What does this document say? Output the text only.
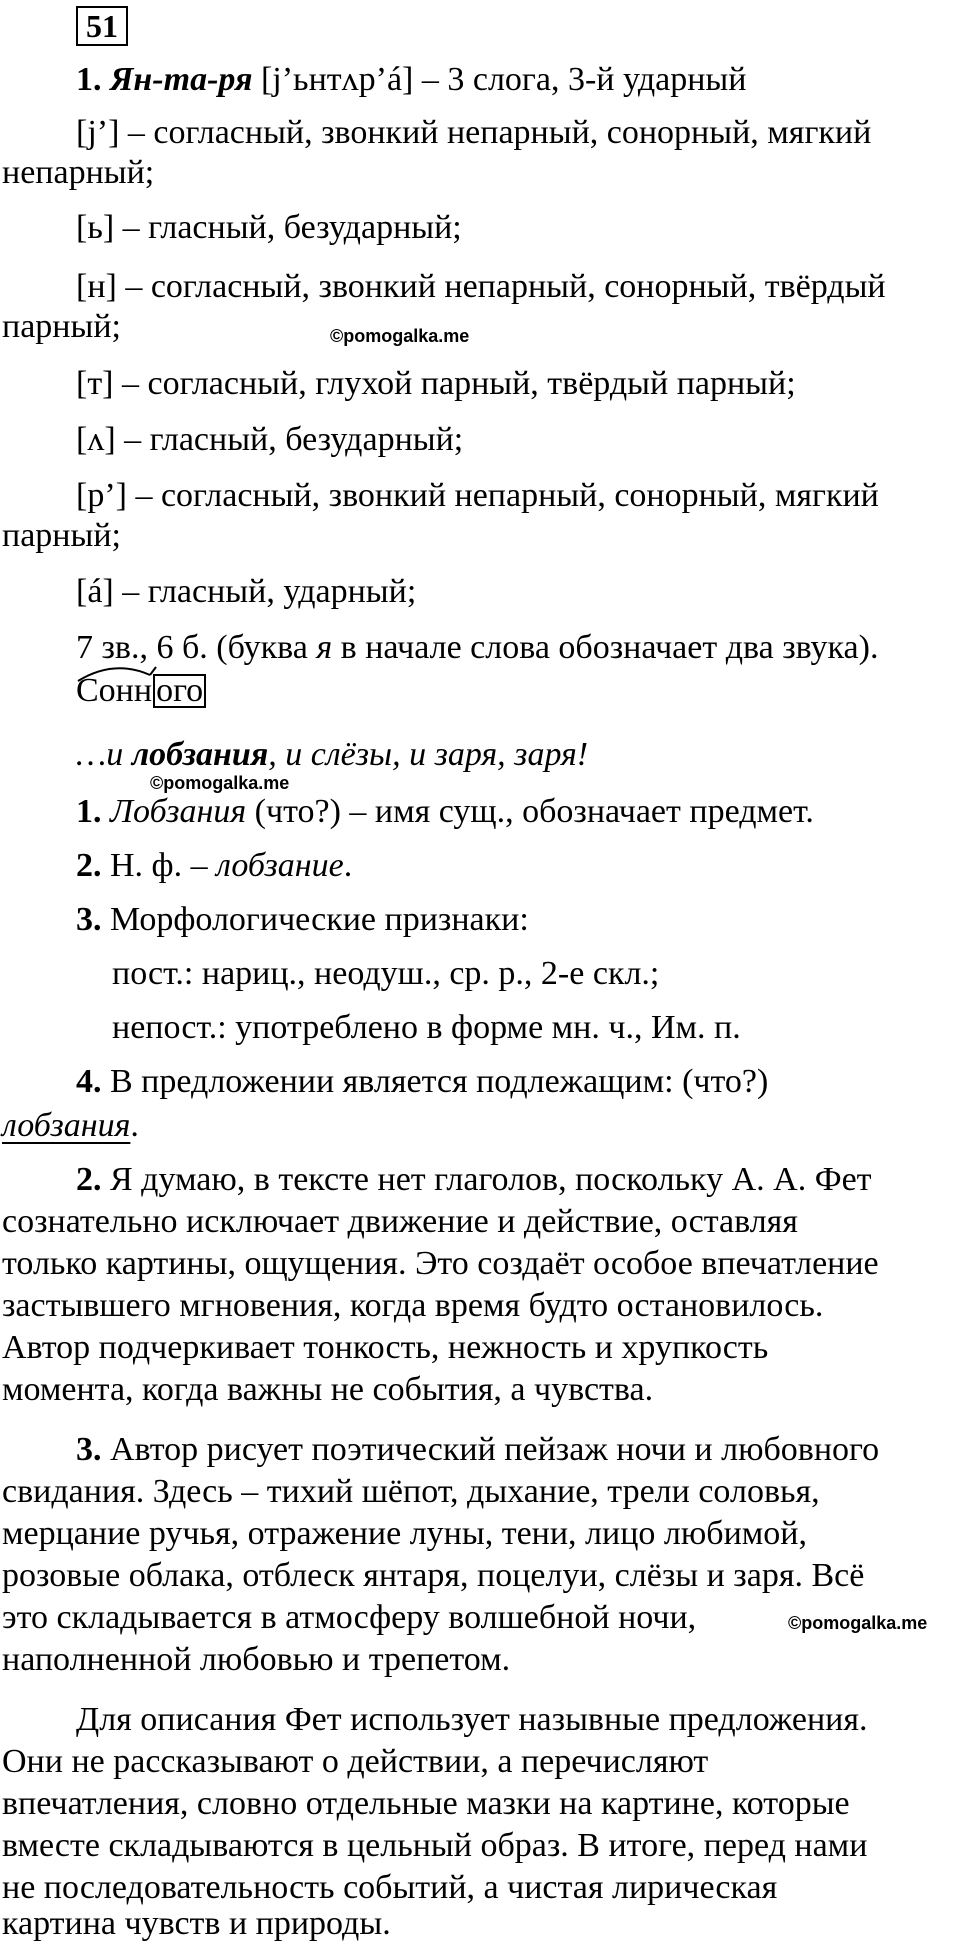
51
1. Ян-та-ря [j’ьнтʌр’á] – 3 слога, 3-й ударный
[j’] – согласный, звонкий непарный, сонорный, мягкий
непарный;
[ь] – гласный, безударный;
[н] – согласный, звонкий непарный, сонорный, твёрдый
парный;	©pomogalka.me
[т] – согласный, глухой парный, твёрдый парный;
[ʌ] – гласный, безударный;
[р’] – согласный, звонкий непарный, сонорный, мягкий
парный;
[á] – гласный, ударный;
7 зв., 6 б. (буква я в начале слова обозначает два звука).
Сонн ого
…и лобзания, и слёзы, и заря, заря!
©pomogalka.me
1. Лобзания (что?) – имя сущ., обозначает предмет.
2. Н. ф. – лобзание.
3. Морфологические признаки:
пост.: нариц., неодуш., ср. р., 2-е скл.;
непост.: употреблено в форме мн. ч., Им. п.
4. В предложении является подлежащим: (что?)
лобзания.
2. Я думаю, в тексте нет глаголов, поскольку А. А. Фет
сознательно исключает движение и действие, оставляя
только картины, ощущения. Это создаёт особое впечатление
застывшего мгновения, когда время будто остановилось.
Автор подчеркивает тонкость, нежность и хрупкость
момента, когда важны не события, а чувства.
3. Автор рисует поэтический пейзаж ночи и любовного
свидания. Здесь – тихий шёпот, дыхание, трели соловья,
мерцание ручья, отражение луны, тени, лицо любимой,
розовые облака, отблеск янтаря, поцелуи, слёзы и заря. Всё
это складывается в атмосферу волшебной ночи,	©pomogalka.me
наполненной любовью и трепетом.
Для описания Фет использует назывные предложения.
Они не рассказывают о действии, а перечисляют
впечатления, словно отдельные мазки на картине, которые
вместе складываются в цельный образ. В итоге, перед нами
не последовательность событий, а чистая лирическая
картина чувств и природы.
